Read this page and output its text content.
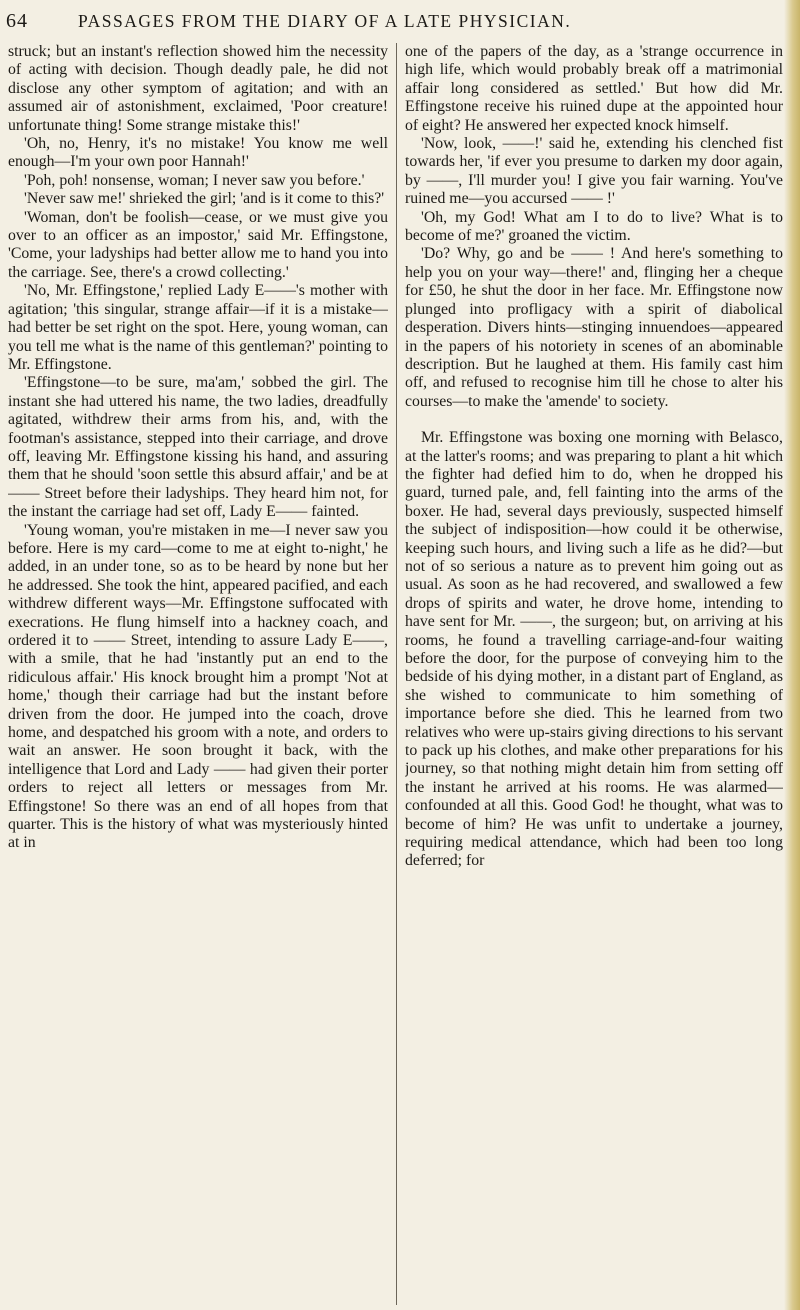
64	PASSAGES FROM THE DIARY OF A LATE PHYSICIAN.

struck; but an instant's reflection showed him the necessity of acting with decision. Though deadly pale, he did not disclose any other symptom of agitation; and with an assumed air of astonishment, exclaimed, 'Poor creature! unfortunate thing! Some strange mistake this!'

'Oh, no, Henry, it's no mistake! You know me well enough—I'm your own poor Hannah!'

'Poh, poh! nonsense, woman; I never saw you before.'

'Never saw me!' shrieked the girl; 'and is it come to this?'

'Woman, don't be foolish—cease, or we must give you over to an officer as an impostor,' said Mr. Effingstone, 'Come, your ladyships had better allow me to hand you into the carriage. See, there's a crowd collecting.'

'No, Mr. Effingstone,' replied Lady E——'s mother with agitation; 'this singular, strange affair—if it is a mistake—had better be set right on the spot. Here, young woman, can you tell me what is the name of this gentleman?' pointing to Mr. Effingstone.

'Effingstone—to be sure, ma'am,' sobbed the girl. The instant she had uttered his name, the two ladies, dreadfully agitated, withdrew their arms from his, and, with the footman's assistance, stepped into their carriage, and drove off, leaving Mr. Effingstone kissing his hand, and assuring them that he should 'soon settle this absurd affair,' and be at —— Street before their ladyships. They heard him not, for the instant the carriage had set off, Lady E—— fainted.

'Young woman, you're mistaken in me—I never saw you before. Here is my card—come to me at eight to-night,' he added, in an under tone, so as to be heard by none but her he addressed. She took the hint, appeared pacified, and each withdrew different ways—Mr. Effingstone suffocated with execrations. He flung himself into a hackney coach, and ordered it to —— Street, intending to assure Lady E——, with a smile, that he had 'instantly put an end to the ridiculous affair.' His knock brought him a prompt 'Not at home,' though their carriage had but the instant before driven from the door. He jumped into the coach, drove home, and despatched his groom with a note, and orders to wait an answer. He soon brought it back, with the intelligence that Lord and Lady —— had given their porter orders to reject all letters or messages from Mr. Effingstone! So there was an end of all hopes from that quarter. This is the history of what was mysteriously hinted at in

one of the papers of the day, as a 'strange occurrence in high life, which would probably break off a matrimonial affair long considered as settled.' But how did Mr. Effingstone receive his ruined dupe at the appointed hour of eight? He answered her expected knock himself.

'Now, look, ——!' said he, extending his clenched fist towards her, 'if ever you presume to darken my door again, by ——, I'll murder you! I give you fair warning. You've ruined me—you accursed —— !'

'Oh, my God! What am I to do to live? What is to become of me?' groaned the victim.

'Do? Why, go and be —— ! And here's something to help you on your way—there!' and, flinging her a cheque for £50, he shut the door in her face. Mr. Effingstone now plunged into profligacy with a spirit of diabolical desperation. Divers hints—stinging innuendoes—appeared in the papers of his notoriety in scenes of an abominable description. But he laughed at them. His family cast him off, and refused to recognise him till he chose to alter his courses—to make the 'amende' to society.

Mr. Effingstone was boxing one morning with Belasco, at the latter's rooms; and was preparing to plant a hit which the fighter had defied him to do, when he dropped his guard, turned pale, and, fell fainting into the arms of the boxer. He had, several days previously, suspected himself the subject of indisposition—how could it be otherwise, keeping such hours, and living such a life as he did?—but not of so serious a nature as to prevent him going out as usual. As soon as he had recovered, and swallowed a few drops of spirits and water, he drove home, intending to have sent for Mr. ——, the surgeon; but, on arriving at his rooms, he found a travelling carriage-and-four waiting before the door, for the purpose of conveying him to the bedside of his dying mother, in a distant part of England, as she wished to communicate to him something of importance before she died. This he learned from two relatives who were up-stairs giving directions to his servant to pack up his clothes, and make other preparations for his journey, so that nothing might detain him from setting off the instant he arrived at his rooms. He was alarmed—confounded at all this. Good God! he thought, what was to become of him? He was unfit to undertake a journey, requiring medical attendance, which had been too long deferred; for
